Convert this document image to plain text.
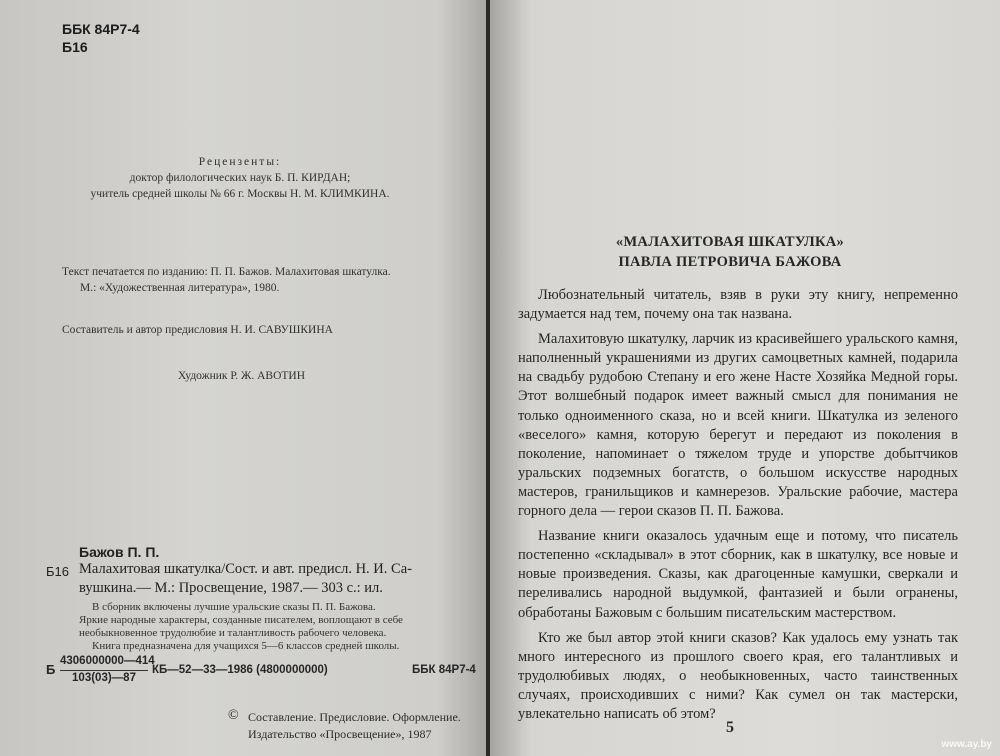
ББК 84Р7-4
Б16
Рецензенты:
доктор филологических наук Б. П. КИРДАН;
учитель средней школы № 66 г. Москвы Н. М. КЛИМКИНА.
Текст печатается по изданию: П. П. Бажов. Малахитовая шкатулка.
М.: «Художественная литература», 1980.
Составитель и автор предисловия Н. И. САВУШКИНА
Художник Р. Ж. АВОТИН
Бажов П. П.
Б16 Малахитовая шкатулка/Сост. и авт. предисл. Н. И. Са-
вушкина.— М.: Просвещение, 1987.— 303 с.: ил.
В сборник включены лучшие уральские сказы П. П. Бажова.
Яркие народные характеры, созданные писателем, воплощают в себе
необыкновенное трудолюбие и талантливость рабочего человека.
Книга предназначена для учащихся 5—6 классов средней школы.
Б
4306000000—414
103(03)—87
КБ—52—33—1986 (4800000000)	ББК 84Р7-4
© Составление. Предисловие. Оформление.
Издательство «Просвещение», 1987
«МАЛАХИТОВАЯ ШКАТУЛКА»
ПАВЛА ПЕТРОВИЧА БАЖОВА

Любознательный читатель, взяв в руки эту книгу, непременно задумается над тем, почему она так названа.

Малахитовую шкатулку, ларчик из красивейшего уральского камня, наполненный украшениями из других самоцветных камней, подарила на свадьбу рудобою Степану и его жене Насте Хозяйка Медной горы. Этот волшебный подарок имеет важный смысл для понимания не только одноименного сказа, но и всей книги. Шкатулка из зеленого «веселого» камня, которую берегут и передают из поколения в поколение, напоминает о тяжелом труде и упорстве добытчиков уральских подземных богатств, о большом искусстве народных мастеров, гранильщиков и камнерезов. Уральские рабочие, мастера горного дела — герои сказов П. П. Бажова.

Название книги оказалось удачным еще и потому, что писатель постепенно «складывал» в этот сборник, как в шкатулку, все новые и новые произведения. Сказы, как драгоценные камушки, сверкали и переливались народной выдумкой, фантазией и были огранены, обработаны Бажовым с большим писательским мастерством.

Кто же был автор этой книги сказов? Как удалось ему узнать так много интересного из прошлого своего края, его талантливых и трудолюбивых людях, о необыкновенных, часто таинственных случаях, происходивших с ними? Как сумел он так мастерски, увлекательно написать об этом?

5
www.ay.by
